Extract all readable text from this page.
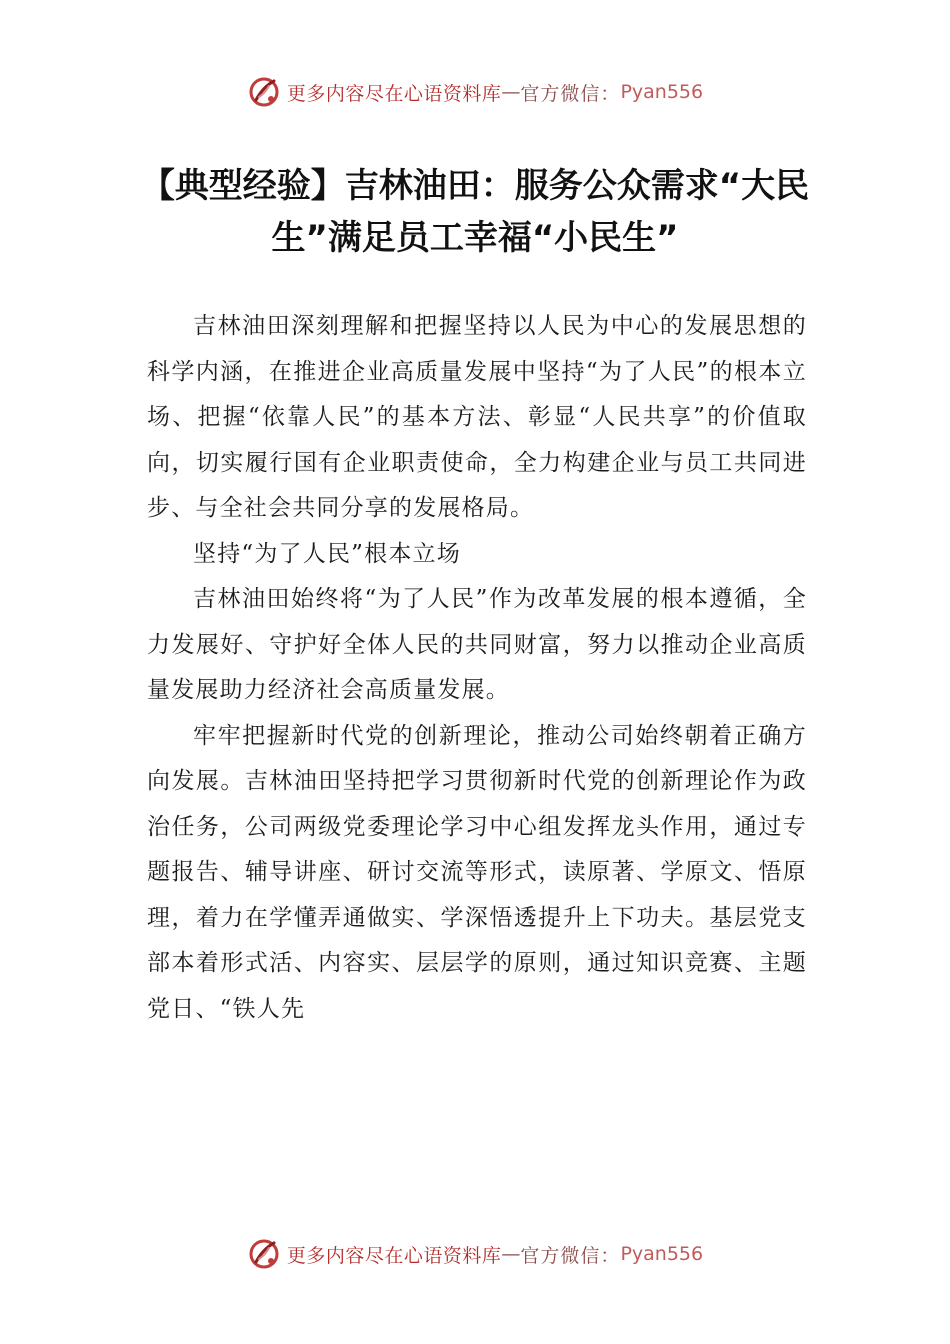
更多内容尽在心语资料库 — 官方微信： Pyan556
【典型经验】吉林油田：服务公众需求“大民生”满足员工幸福“小民生”

吉林油田深刻理解和把握坚持以人民为中心的发展思想的科学内涵，在推进企业高质量发展中坚持“为了人民”的根本立场、把握“依靠人民”的基本方法、彰显“人民共享”的价值取向，切实履行国有企业职责使命，全力构建企业与员工共同进步、与全社会共同分享的发展格局。

坚持“为了人民”根本立场

吉林油田始终将“为了人民”作为改革发展的根本遵循，全力发展好、守护好全体人民的共同财富，努力以推动企业高质量发展助力经济社会高质量发展。

牢牢把握新时代党的创新理论，推动公司始终朝着正确方向发展。吉林油田坚持把学习贯彻新时代党的创新理论作为政治任务，公司两级党委理论学习中心组发挥龙头作用，通过专题报告、辅导讲座、研讨交流等形式，读原著、学原文、悟原理，着力在学懂弄通做实、学深悟透提升上下功夫。基层党支部本着形式活、内容实、层层学的原则，通过知识竞赛、主题党日、“铁人先

更多内容尽在心语资料库 — 官方微信： Pyan556
